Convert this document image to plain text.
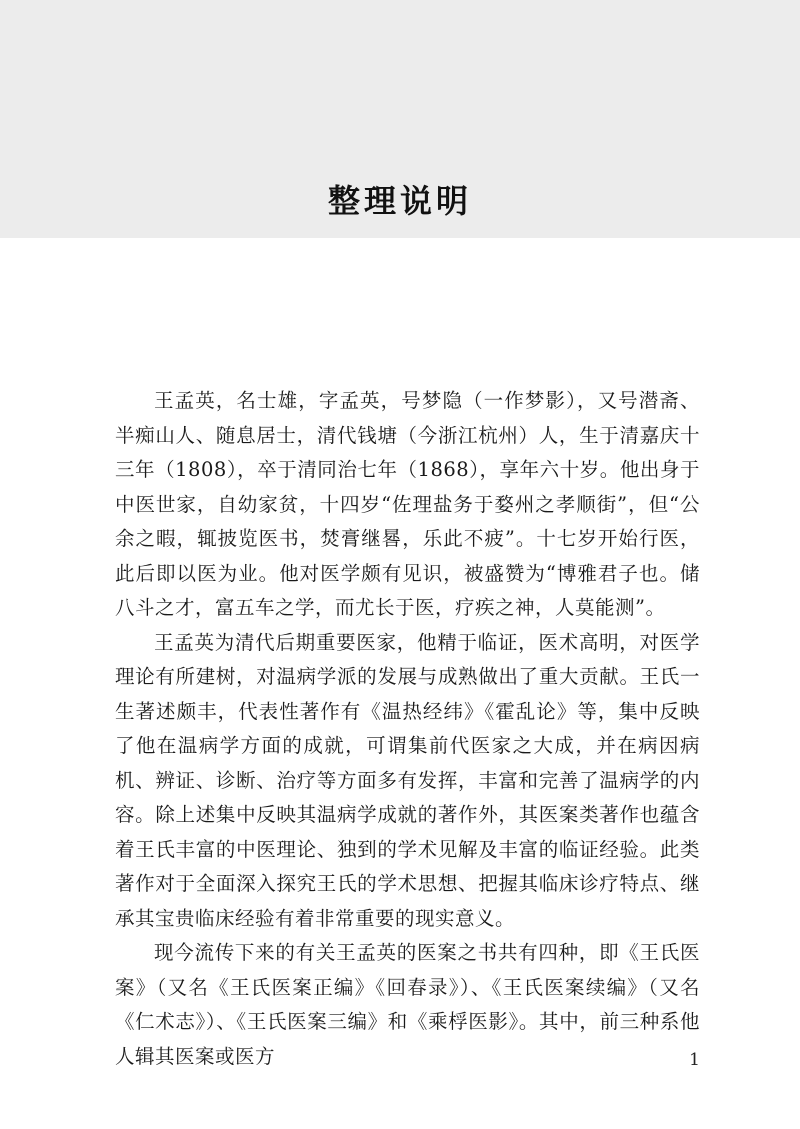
整理说明

王孟英，名士雄，字孟英，号梦隐（一作梦影），又号潜斋、半痴山人、随息居士，清代钱塘（今浙江杭州）人，生于清嘉庆十三年（1808），卒于清同治七年（1868），享年六十岁。他出身于中医世家，自幼家贫，十四岁“佐理盐务于婺州之孝顺街”，但“公余之暇，辄披览医书，焚膏继晷，乐此不疲”。十七岁开始行医，此后即以医为业。他对医学颇有见识，被盛赞为“博雅君子也。储八斗之才，富五车之学，而尤长于医，疗疾之神，人莫能测”。

王孟英为清代后期重要医家，他精于临证，医术高明，对医学理论有所建树，对温病学派的发展与成熟做出了重大贡献。王氏一生著述颇丰，代表性著作有《温热经纬》《霍乱论》等，集中反映了他在温病学方面的成就，可谓集前代医家之大成，并在病因病机、辨证、诊断、治疗等方面多有发挥，丰富和完善了温病学的内容。除上述集中反映其温病学成就的著作外，其医案类著作也蕴含着王氏丰富的中医理论、独到的学术见解及丰富的临证经验。此类著作对于全面深入探究王氏的学术思想、把握其临床诊疗特点、继承其宝贵临床经验有着非常重要的现实意义。

现今流传下来的有关王孟英的医案之书共有四种，即《王氏医案》（又名《王氏医案正编》《回春录》）、《王氏医案续编》（又名《仁术志》）、《王氏医案三编》和《乘桴医影》。其中，前三种系他人辑其医案或医方	1
